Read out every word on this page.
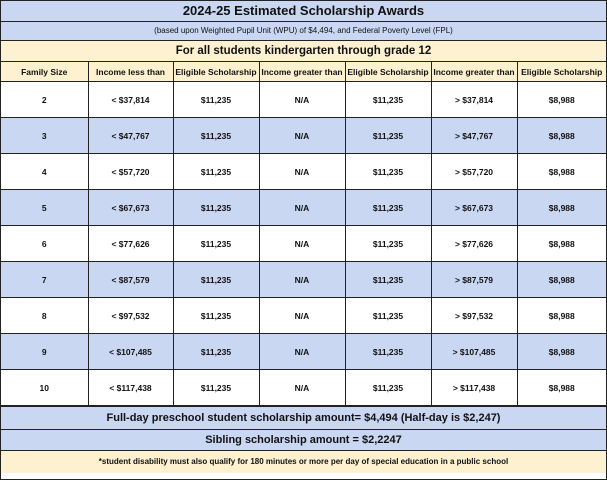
2024-25 Estimated Scholarship Awards
(based upon Weighted Pupil Unit (WPU) of $4,494, and Federal Poverty Level (FPL)
For all students kindergarten through grade 12
Family Size	Income less than	Eligible Scholarship	Income greater than	Eligible Scholarship	Income greater than	Eligible Scholarship
2	< $37,814	$11,235	N/A	$11,235	> $37,814	$8,988
3	< $47,767	$11,235	N/A	$11,235	> $47,767	$8,988
4	< $57,720	$11,235	N/A	$11,235	> $57,720	$8,988
5	< $67,673	$11,235	N/A	$11,235	> $67,673	$8,988
6	< $77,626	$11,235	N/A	$11,235	> $77,626	$8,988
7	< $87,579	$11,235	N/A	$11,235	> $87,579	$8,988
8	< $97,532	$11,235	N/A	$11,235	> $97,532	$8,988
9	< $107,485	$11,235	N/A	$11,235	> $107,485	$8,988
10	< $117,438	$11,235	N/A	$11,235	> $117,438	$8,988
Full-day preschool student scholarship amount= $4,494 (Half-day is $2,247)
Sibling scholarship amount = $2,2247
*student disability must also qualify for 180 minutes or more per day of special education in a public school
